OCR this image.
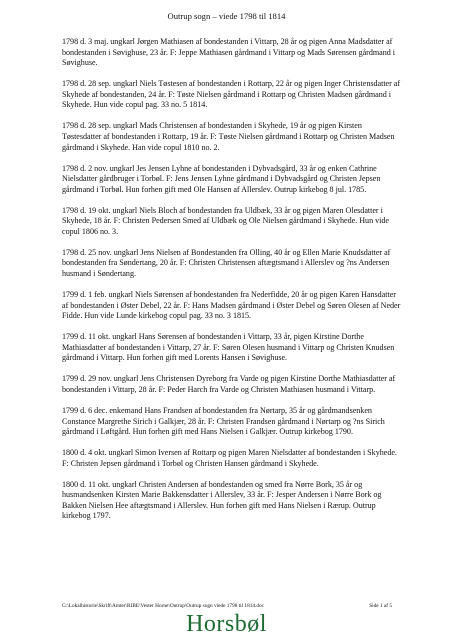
Outrup sogn – viede 1798 til 1814

1798 d. 3 maj. ungkarl Jørgen Mathiasen af bondestanden i Vittarp, 28 år og pigen Anna Madsdatter af bondestanden i Søvighuse, 23 år. F: Jeppe Mathiasen gårdmand i Vittarp og Mads Sørensen gårdmand i Søvighuse.

1798 d. 28 sep. ungkarl Niels Tøstesen af bondestanden i Rottarp, 22 år og pigen Inger Christensdatter af Skyhede af bondestanden, 24 år. F: Tøste Nielsen gårdmand i Rottarp og Christen Madsen gårdmand i Skyhede. Hun vide copul pag. 33 no. 5 1814.

1798 d. 28 sep. ungkarl Mads Christensen af bondestanden i Skyhede, 19 år og pigen Kirsten Tøstesdatter af bondestanden i Rottarp, 19 år. F: Tøste Nielsen gårdmand i Rottarp og Christen Madsen gårdmand i Skyhede. Han vide copul 1810 no. 2.

1798 d. 2 nov. ungkarl Jes Jensen Lyhne af bondestanden i Dybvadsgård, 33 år og enken Cathrine Nielsdatter gårdbruger i Torbøl. F: Jens Jensen Lyhne gårdmand i Dybvadsgård og Christen Jepsen gårdmand i Torbøl. Hun forhen gift med Ole Hansen af Allerslev. Outrup kirkebog 8 jul. 1785.

1798 d. 19 okt. ungkarl Niels Bloch af bondestanden fra Uldbæk, 33 år og pigen Maren Olesdatter i Skyhede, 18 år. F: Christen Pedersen Smed af Uldbæk og Ole Nielsen gårdmand i Skyhede. Hun vide copul 1806 no. 3.

1798 d. 25 nov. ungkarl Jens Nielsen af Bondestanden fra Olling, 40 år og Ellen Marie Knudsdatter af bondestanden fra Søndertang, 20 år. F: Christen Christensen aftægtsmand i Allerslev og ?ns Andersen husmand i Søndertang.

1799 d. 1 feb. ungkarl Niels Sørensen af bondestanden fra Nederfidde, 20 år og pigen Karen Hansdatter af bondestanden i Øster Debel, 22 år. F: Hans Madsen gårdmand i Øster Debel og Søren Olesen af Neder Fidde. Hun vide Lunde kirkebog copul pag. 33 no. 3 1815.

1799 d. 11 okt. ungkarl Hans Sørensen af bondestanden i Vittarp, 33 år, pigen Kirstine Dorthe Mathiasdatter af bondestanden i Vittarp, 27 år. F: Søren Olesen husmand i Vittarp og Christen Knudsen gårdmand i Vittarp. Hun forhen gift med Lorents Hansen i Søvighuse.

1799 d. 29 nov. ungkarl Jens Christensen Dyreborg fra Varde og pigen Kirstine Dorthe Mathiasdatter af bondestanden i Vittarp, 28 år. F: Peder Harch fra Varde og Christen Mathiasen husmand i Vittarp.

1799 d. 6 dec. enkemand Hans Frandsen af bondestanden fra Nørtarp, 35 år og gårdmandsenken Constance Margrethe Sirich i Galkjær, 28 år. F: Christen Frandsen gårdmand i Nørtarp og ?ns Sirich gårdmand i Løftgård. Hun forhen gift med Hans Nielsen i Galkjær. Outrup kirkebog 1790.

1800 d. 4 okt. ungkarl Simon Iversen af Rottarp og pigen Maren Nielsdatter af bondestanden i Skyhede. F: Christen Jepsen gårdmand i Torbøl og Christen Hansen gårdmand i Skyhede.

1800 d. 11 okt. ungkarl Christen Andersen af bondestanden og smed fra Nørre Bork, 35 år og husmandsenken Kirsten Marie Bakkensdatter i Allerslev, 33 år. F: Jesper Andersen i Nørre Bork og Bakken Nielsen Hee aftægtsmand i Allerslev. Hun forhen gift med Hans Nielsen i Rærup. Outrup kirkebog 1797.

G:\Lokalhistorie\Skrift\Amter\RIBE\Vester Horne\Outrup\Outrup sogn viede 1798 til 1814.doc	Side 1 af 5
Horsbøl
